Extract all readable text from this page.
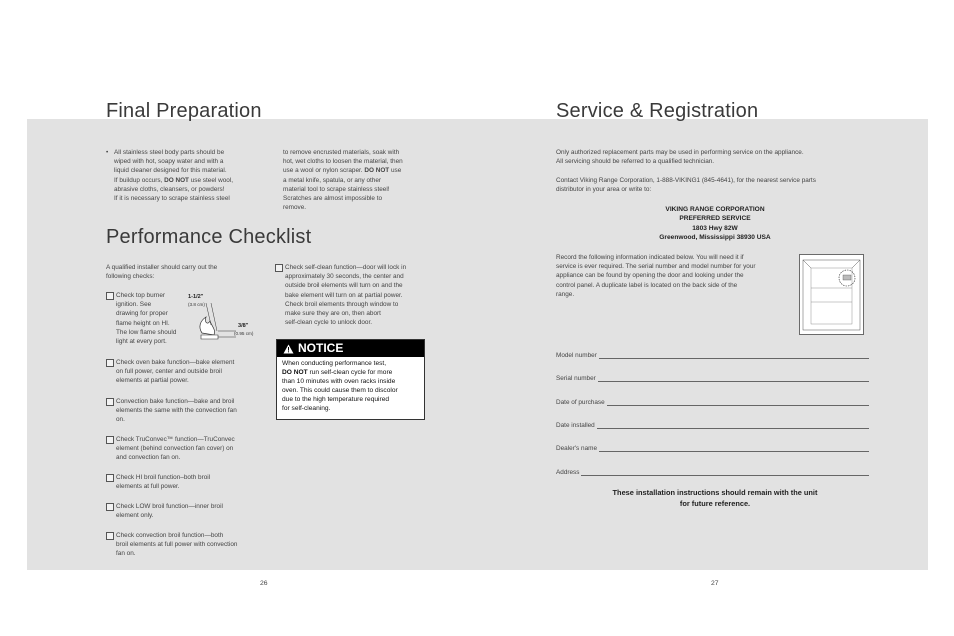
Final Preparation
• All stainless steel body parts should be
wiped with hot, soapy water and with a
liquid cleaner designed for this material.
If buildup occurs, DO NOT use steel wool,
abrasive cloths, cleansers, or powders!
If it is necessary to scrape stainless steel
to remove encrusted materials, soak with
hot, wet cloths to loosen the material, then
use a wool or nylon scraper. DO NOT use
a metal knife, spatula, or any other
material tool to scrape stainless steel!
Scratches are almost impossible to
remove.
Performance Checklist
A qualified installer should carry out the
following checks:
Check top burner
ignition. See
drawing for proper
flame height on HI.
The low flame should
light at every port.
1-1/2"
(3.8 cm)
3/8"
(0.95 cm)
Check oven bake function—bake element
on full power, center and outside broil
elements at partial power.
Convection bake function—bake and broil
elements the same with the convection fan
on.
Check TruConvec™ function—TruConvec
element (behind convection fan cover) on
and convection fan on.
Check HI broil function–both broil
elements at full power.
Check LOW broil function—inner broil
element only.
Check convection broil function—both
broil elements at full power with convection
fan on.
Check self-clean function—door will lock in
approximately 30 seconds, the center and
outside broil elements will turn on and the
bake element will turn on at partial power.
Check broil elements through window to
make sure they are on, then abort
self-clean cycle to unlock door.
NOTICE
When conducting performance test,
DO NOT run self-clean cycle for more
than 10 minutes with oven racks inside
oven. This could cause them to discolor
due to the high temperature required
for self-cleaning.
26
Service & Registration
Only authorized replacement parts may be used in performing service on the appliance.
All servicing should be referred to a qualified technician.
Contact Viking Range Corporation, 1-888-VIKING1 (845-4641), for the nearest service parts
distributor in your area or write to:
VIKING RANGE CORPORATION
PREFERRED SERVICE
1803 Hwy 82W
Greenwood, Mississippi 38930 USA
Record the following information indicated below. You will need it if
service is ever required. The serial number and model number for your
appliance can be found by opening the door and looking under the
control panel. A duplicate label is located on the back side of the
range.
Model number
Serial number
Date of purchase
Date installed
Dealer's name
Address
These installation instructions should remain with the unit
for future reference.
27
